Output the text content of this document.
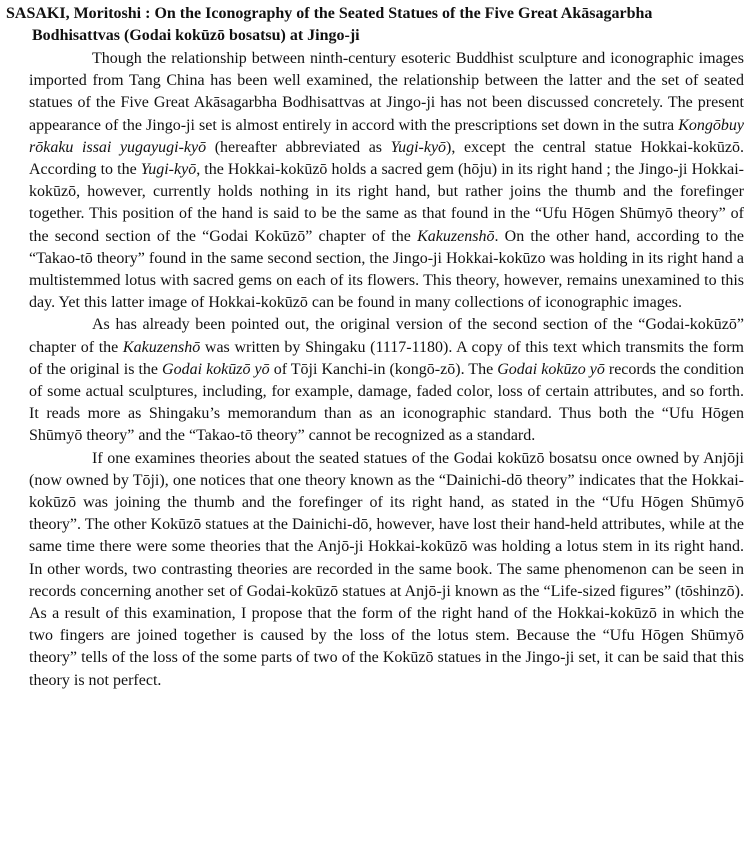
SASAKI, Moritoshi : On the Iconography of the Seated Statues of the Five Great Akāsagarbha
Bodhisattvas (Godai kokūzō bosatsu) at Jingo-ji

Though the relationship between ninth-century esoteric Buddhist sculpture and iconographic images imported from Tang China has been well examined, the relationship between the latter and the set of seated statues of the Five Great Akāsagarbha Bodhisattvas at Jingo-ji has not been discussed concretely. The present appearance of the Jingo-ji set is almost entirely in accord with the prescriptions set down in the sutra Kongōbuy rōkaku issai yugayugi-kyō (hereafter abbreviated as Yugi-kyō), except the central statue Hokkai-kokūzō. According to the Yugi-kyō, the Hokkai-kokūzō holds a sacred gem (hōju) in its right hand ; the Jingo-ji Hokkai-kokūzō, however, currently holds nothing in its right hand, but rather joins the thumb and the forefinger together. This position of the hand is said to be the same as that found in the “Ufu Hōgen Shūmyō theory” of the second section of the “Godai Kokūzō” chapter of the Kakuzenshō. On the other hand, according to the “Takao-tō theory” found in the same second section, the Jingo-ji Hokkai-kokūzo was holding in its right hand a multistemmed lotus with sacred gems on each of its flowers. This theory, however, remains unexamined to this day. Yet this latter image of Hokkai-kokūzō can be found in many collections of iconographic images.

As has already been pointed out, the original version of the second section of the “Godai-kokūzō” chapter of the Kakuzenshō was written by Shingaku (1117-1180). A copy of this text which transmits the form of the original is the Godai kokūzō yō of Tōji Kanchi-in (kongō-zō). The Godai kokūzo yō records the condition of some actual sculptures, including, for example, damage, faded color, loss of certain attributes, and so forth. It reads more as Shingaku’s memorandum than as an iconographic standard. Thus both the “Ufu Hōgen Shūmyō theory” and the “Takao-tō theory” cannot be recognized as a standard.

If one examines theories about the seated statues of the Godai kokūzō bosatsu once owned by Anjōji (now owned by Tōji), one notices that one theory known as the “Dainichi-dō theory” indicates that the Hokkai-kokūzō was joining the thumb and the forefinger of its right hand, as stated in the “Ufu Hōgen Shūmyō theory”. The other Kokūzō statues at the Dainichi-dō, however, have lost their hand-held attributes, while at the same time there were some theories that the Anjō-ji Hokkai-kokūzō was holding a lotus stem in its right hand. In other words, two contrasting theories are recorded in the same book. The same phenomenon can be seen in records concerning another set of Godai-kokūzō statues at Anjō-ji known as the “Life-sized figures” (tōshinzō). As a result of this examination, I propose that the form of the right hand of the Hokkai-kokūzō in which the two fingers are joined together is caused by the loss of the lotus stem. Because the “Ufu Hōgen Shūmyō theory” tells of the loss of the some parts of two of the Kokūzō statues in the Jingo-ji set, it can be said that this theory is not perfect.
